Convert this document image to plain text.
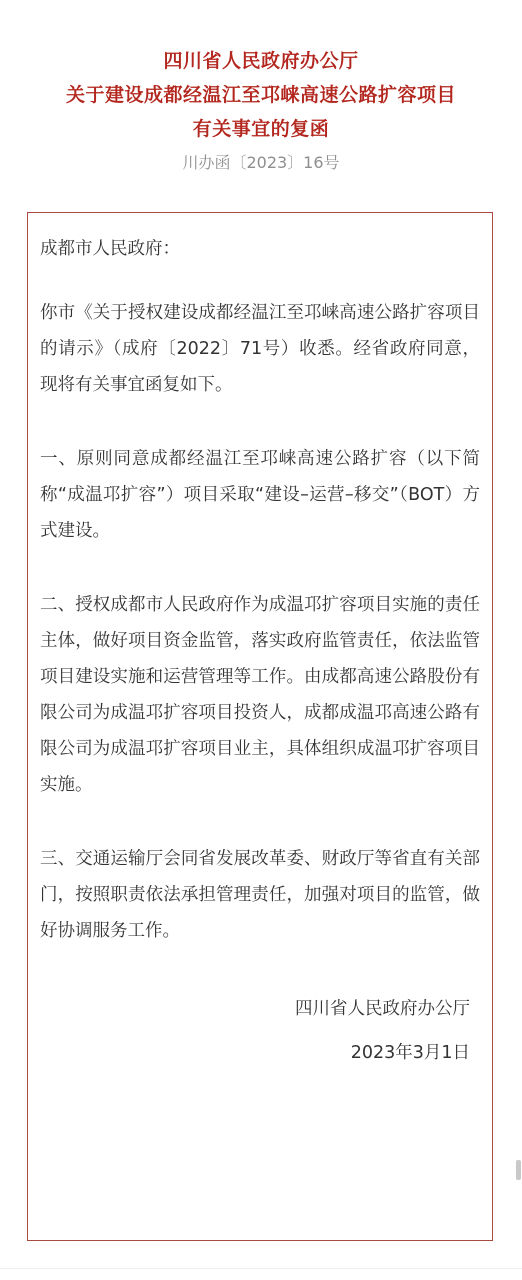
四川省人民政府办公厅
关于建设成都经温江至邛崃高速公路扩容项目
有关事宜的复函
川办函〔2023〕16号

成都市人民政府：

你市《关于授权建设成都经温江至邛崃高速公路扩容项目的请示》（成府〔2022〕71号）收悉。经省政府同意，现将有关事宜函复如下。

一、原则同意成都经温江至邛崃高速公路扩容（以下简称“成温邛扩容”）项目采取“建设–运营–移交”（BOT）方式建设。

二、授权成都市人民政府作为成温邛扩容项目实施的责任主体，做好项目资金监管，落实政府监管责任，依法监管项目建设实施和运营管理等工作。由成都高速公路股份有限公司为成温邛扩容项目投资人，成都成温邛高速公路有限公司为成温邛扩容项目业主，具体组织成温邛扩容项目实施。

三、交通运输厅会同省发展改革委、财政厅等省直有关部门，按照职责依法承担管理责任，加强对项目的监管，做好协调服务工作。

四川省人民政府办公厅
2023年3月1日
